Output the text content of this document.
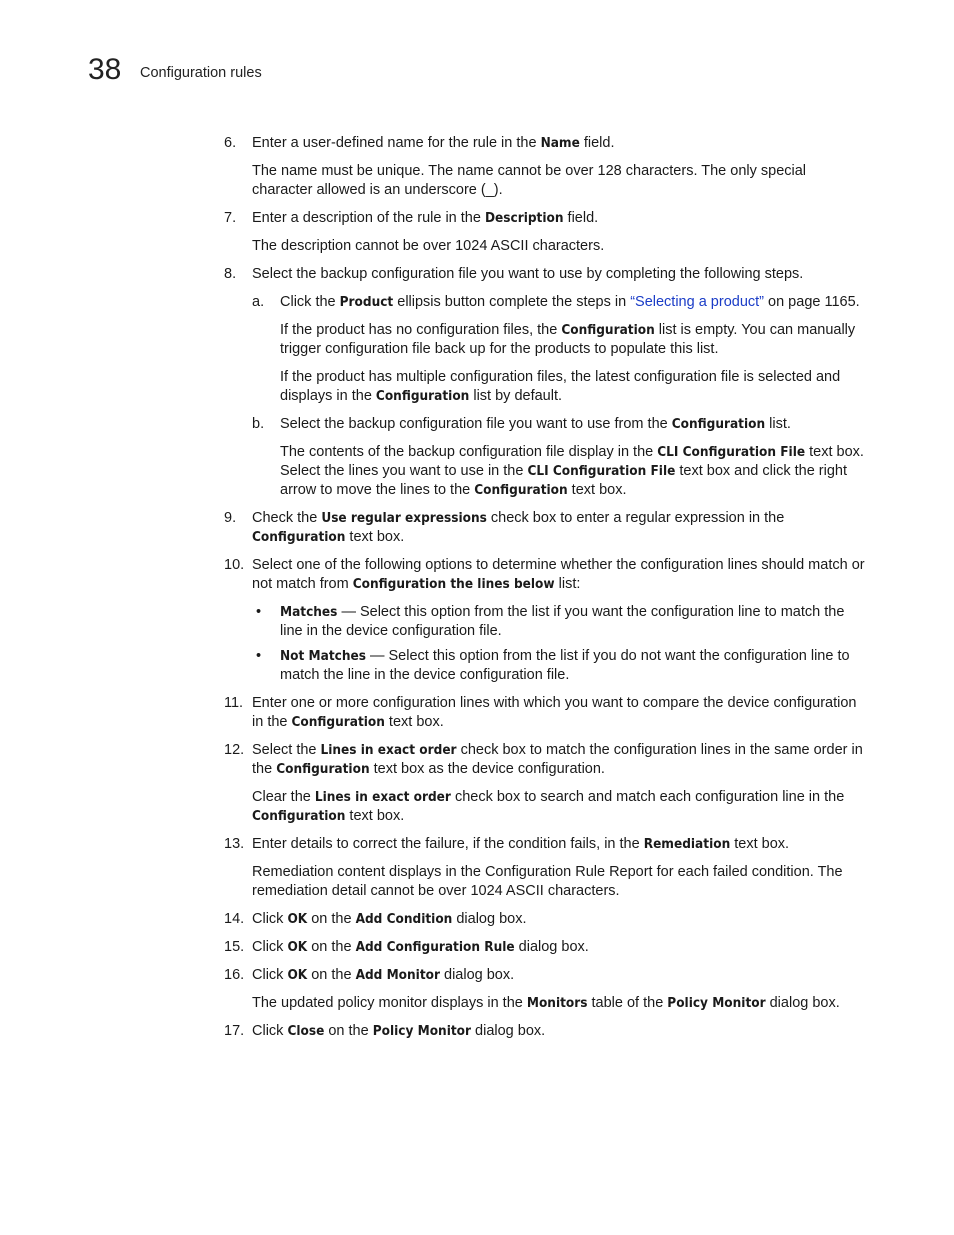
38 Configuration rules
6. Enter a user-defined name for the rule in the Name field.
The name must be unique. The name cannot be over 128 characters. The only special character allowed is an underscore (_).
7. Enter a description of the rule in the Description field.
The description cannot be over 1024 ASCII characters.
8. Select the backup configuration file you want to use by completing the following steps.
a. Click the Product ellipsis button complete the steps in “Selecting a product” on page 1165.
If the product has no configuration files, the Configuration list is empty. You can manually trigger configuration file back up for the products to populate this list.
If the product has multiple configuration files, the latest configuration file is selected and displays in the Configuration list by default.
b. Select the backup configuration file you want to use from the Configuration list.
The contents of the backup configuration file display in the CLI Configuration File text box. Select the lines you want to use in the CLI Configuration File text box and click the right arrow to move the lines to the Configuration text box.
9. Check the Use regular expressions check box to enter a regular expression in the Configuration text box.
10. Select one of the following options to determine whether the configuration lines should match or not match from Configuration the lines below list:
• Matches — Select this option from the list if you want the configuration line to match the line in the device configuration file.
• Not Matches — Select this option from the list if you do not want the configuration line to match the line in the device configuration file.
11. Enter one or more configuration lines with which you want to compare the device configuration in the Configuration text box.
12. Select the Lines in exact order check box to match the configuration lines in the same order in the Configuration text box as the device configuration.
Clear the Lines in exact order check box to search and match each configuration line in the Configuration text box.
13. Enter details to correct the failure, if the condition fails, in the Remediation text box.
Remediation content displays in the Configuration Rule Report for each failed condition. The remediation detail cannot be over 1024 ASCII characters.
14. Click OK on the Add Condition dialog box.
15. Click OK on the Add Configuration Rule dialog box.
16. Click OK on the Add Monitor dialog box.
The updated policy monitor displays in the Monitors table of the Policy Monitor dialog box.
17. Click Close on the Policy Monitor dialog box.
